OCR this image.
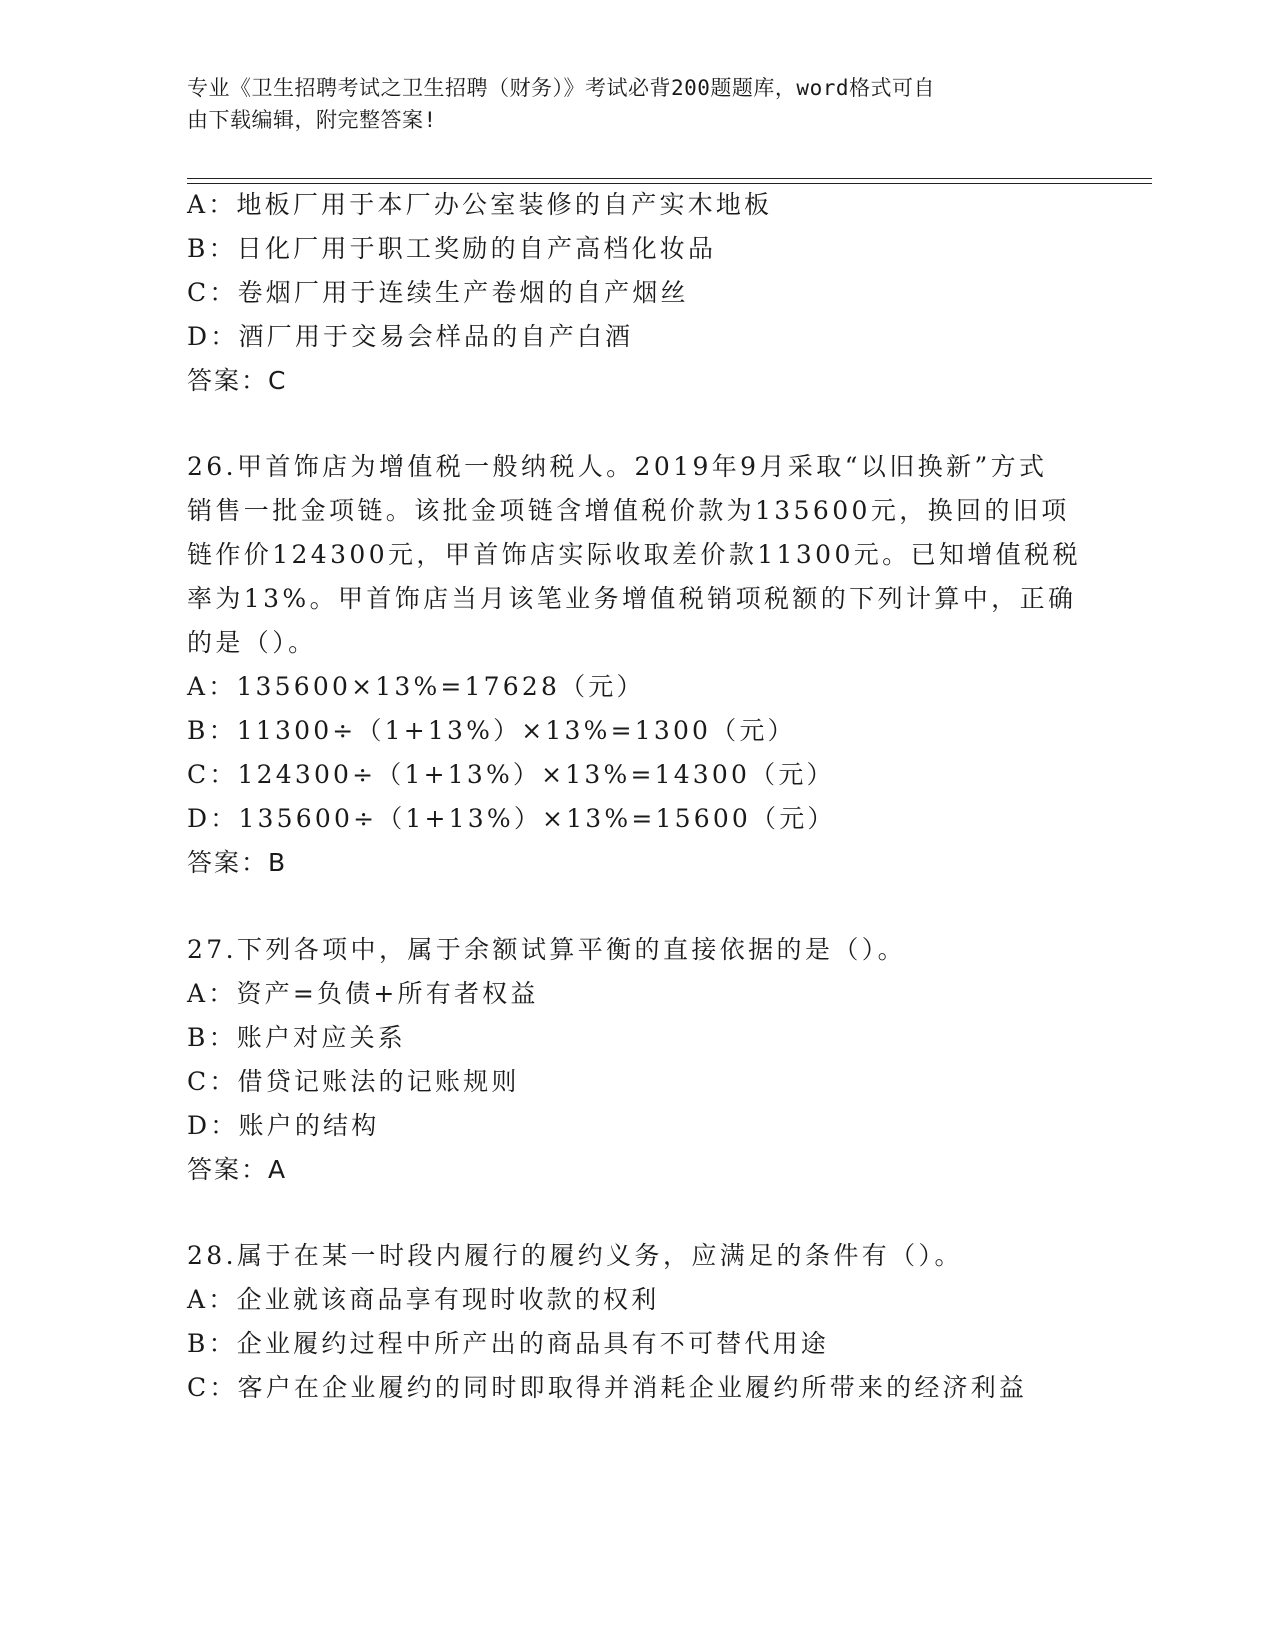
专业《卫生招聘考试之卫生招聘（财务）》考试必背200题题库，word格式可自
由下载编辑，附完整答案!
A：地板厂用于本厂办公室装修的自产实木地板
B：日化厂用于职工奖励的自产高档化妆品
C：卷烟厂用于连续生产卷烟的自产烟丝
D：酒厂用于交易会样品的自产白酒
答案：C
26.甲首饰店为增值税一般纳税人。2019年9月采取“以旧换新”方式
销售一批金项链。该批金项链含增值税价款为135600元，换回的旧项
链作价124300元，甲首饰店实际收取差价款11300元。已知增值税税
率为13%。甲首饰店当月该笔业务增值税销项税额的下列计算中，正确
的是（）。
A：135600×13%=17628（元）
B：11300÷（1+13%）×13%=1300（元）
C：124300÷（1+13%）×13%=14300（元）
D：135600÷（1+13%）×13%=15600（元）
答案：B
27.下列各项中，属于余额试算平衡的直接依据的是（）。
A：资产=负债+所有者权益
B：账户对应关系
C：借贷记账法的记账规则
D：账户的结构
答案：A
28.属于在某一时段内履行的履约义务，应满足的条件有（）。
A：企业就该商品享有现时收款的权利
B：企业履约过程中所产出的商品具有不可替代用途
C：客户在企业履约的同时即取得并消耗企业履约所带来的经济利益
